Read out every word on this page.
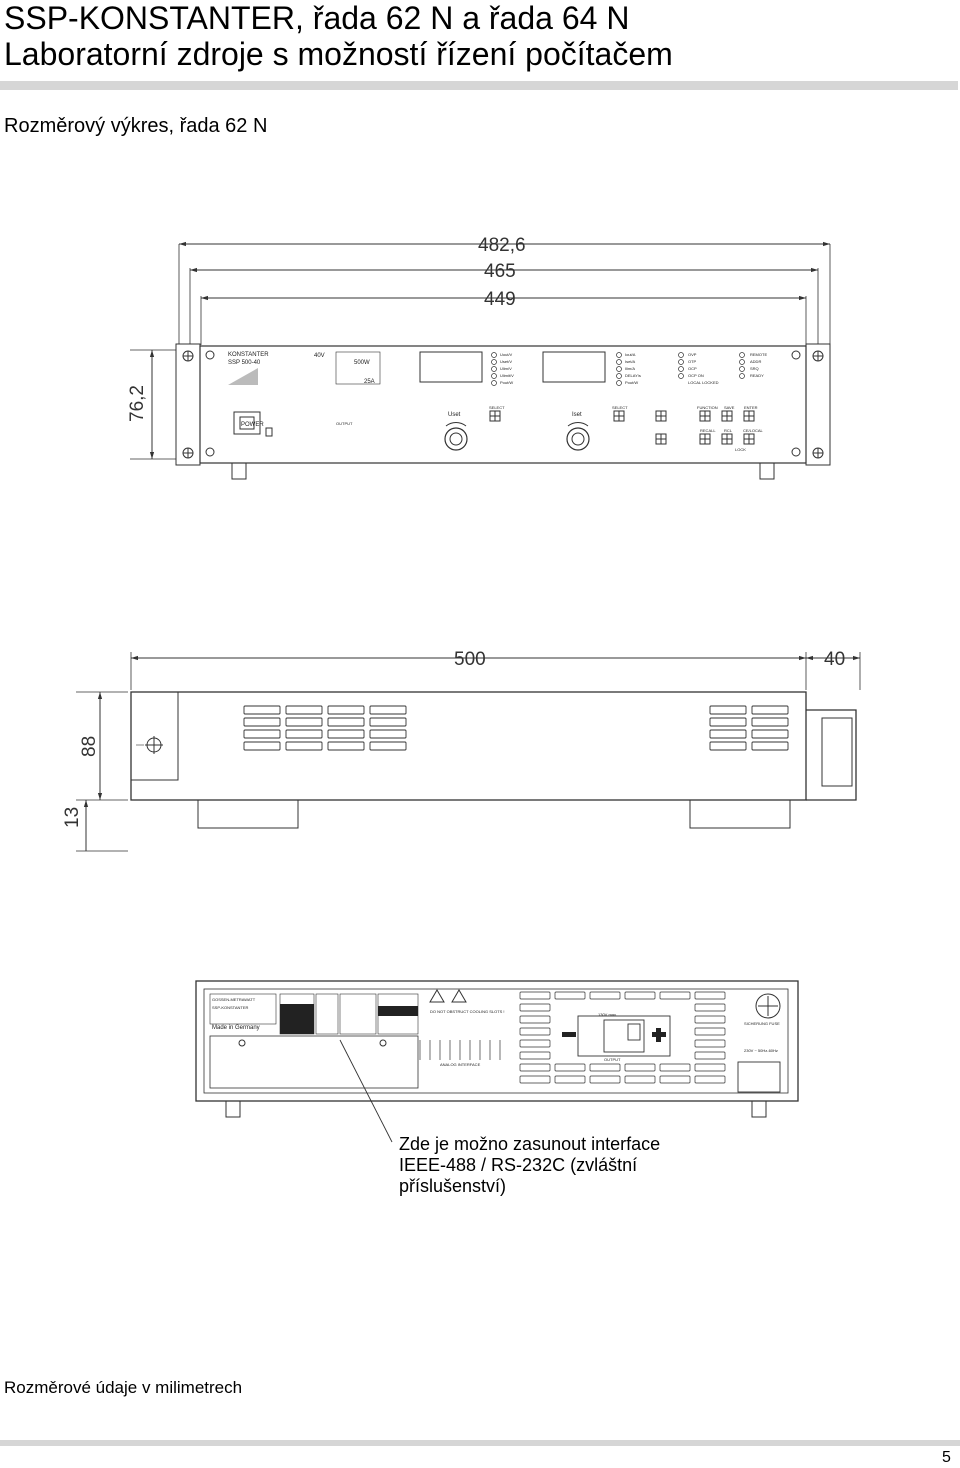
SSP-KONSTANTER, řada 62 N a řada 64 N
Laboratorní zdroje s možností řízení počítačem
Rozměrový výkres, řada 62 N
482,6
465
449
76,2
KONSTANTER
SSP 500-40
40V
500W
25A
POWER	OUTPUT
Uset	Iset
SELECT	SELECT	FUNCTION SAVE ENTER
RECALL RCL	CE/LOCAL
LOCK
Uout/V
Uset/V
Ulim/V
Ulimit/V
Pout/W
Iout/A
Iset/A
Ilim/A
DELAY/s
Pout/W
OVP
OTP
OCP
OCP ON
LOCAL LOCKED
REMOTE
ADDR
SRQ
READY
500	40
88
13
GOSSEN-METRAWATT
SSP-KONSTANTER
Made in Germany
DO NOT OBSTRUCT COOLING SLOTS !
130V max.
OUTPUT
SICHERUNG FUSE
230V ~ 50Hz-60Hz
ANALOG INTERFACE
Zde je možno zasunout interface
IEEE-488 / RS-232C (zvláštní
příslušenství)
Rozměrové údaje v milimetrech
5
